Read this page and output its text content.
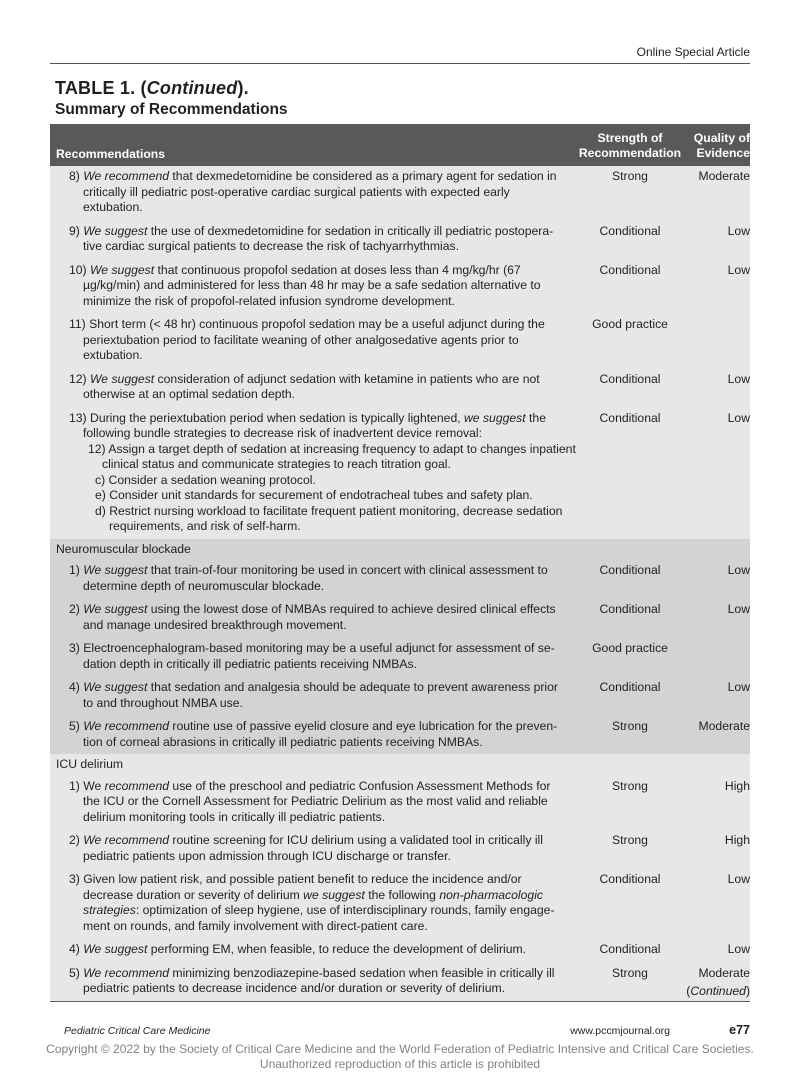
Online Special Article
TABLE 1. (Continued).
Summary of Recommendations
Recommendations
Strength of
Recommendation
Quality of
Evidence
8) We recommend that dexmedetomidine be considered as a primary agent for sedation in critically ill pediatric post-operative cardiac surgical patients with expected early extubation.
Strong	Moderate
9) We suggest the use of dexmedetomidine for sedation in critically ill pediatric postoperative cardiac surgical patients to decrease the risk of tachyarrhythmias.
Conditional	Low
10) We suggest that continuous propofol sedation at doses less than 4 mg/kg/hr (67 µg/kg/min) and administered for less than 48 hr may be a safe sedation alternative to minimize the risk of propofol-related infusion syndrome development.
Conditional	Low
11) Short term (< 48 hr) continuous propofol sedation may be a useful adjunct during the periextubation period to facilitate weaning of other analgosedative agents prior to extubation.
Good practice
12) We suggest consideration of adjunct sedation with ketamine in patients who are not otherwise at an optimal sedation depth.
Conditional	Low
13) During the periextubation period when sedation is typically lightened, we suggest the following bundle strategies to decrease risk of inadvertent device removal:
12) Assign a target depth of sedation at increasing frequency to adapt to changes inpatient clinical status and communicate strategies to reach titration goal.
c) Consider a sedation weaning protocol.
e) Consider unit standards for securement of endotracheal tubes and safety plan.
d) Restrict nursing workload to facilitate frequent patient monitoring, decrease sedation requirements, and risk of self-harm.
Conditional	Low
Neuromuscular blockade
1) We suggest that train-of-four monitoring be used in concert with clinical assessment to determine depth of neuromuscular blockade.
Conditional	Low
2) We suggest using the lowest dose of NMBAs required to achieve desired clinical effects and manage undesired breakthrough movement.
Conditional	Low
3) Electroencephalogram-based monitoring may be a useful adjunct for assessment of sedation depth in critically ill pediatric patients receiving NMBAs.
Good practice
4) We suggest that sedation and analgesia should be adequate to prevent awareness prior to and throughout NMBA use.
Conditional	Low
5) We recommend routine use of passive eyelid closure and eye lubrication for the prevention of corneal abrasions in critically ill pediatric patients receiving NMBAs.
Strong	Moderate
ICU delirium
1) We recommend use of the preschool and pediatric Confusion Assessment Methods for the ICU or the Cornell Assessment for Pediatric Delirium as the most valid and reliable delirium monitoring tools in critically ill pediatric patients.
Strong	High
2) We recommend routine screening for ICU delirium using a validated tool in critically ill pediatric patients upon admission through ICU discharge or transfer.
Strong	High
3) Given low patient risk, and possible patient benefit to reduce the incidence and/or decrease duration or severity of delirium we suggest the following non-pharmacologic strategies: optimization of sleep hygiene, use of interdisciplinary rounds, family engagement on rounds, and family involvement with direct-patient care.
Conditional	Low
4) We suggest performing EM, when feasible, to reduce the development of delirium.	Conditional	Low
5) We recommend minimizing benzodiazepine-based sedation when feasible in critically ill pediatric patients to decrease incidence and/or duration or severity of delirium.
Strong	Moderate
(Continued)
Pediatric Critical Care Medicine	www.pccmjournal.org	e77
Copyright © 2022 by the Society of Critical Care Medicine and the World Federation of Pediatric Intensive and Critical Care Societies.
Unauthorized reproduction of this article is prohibited
